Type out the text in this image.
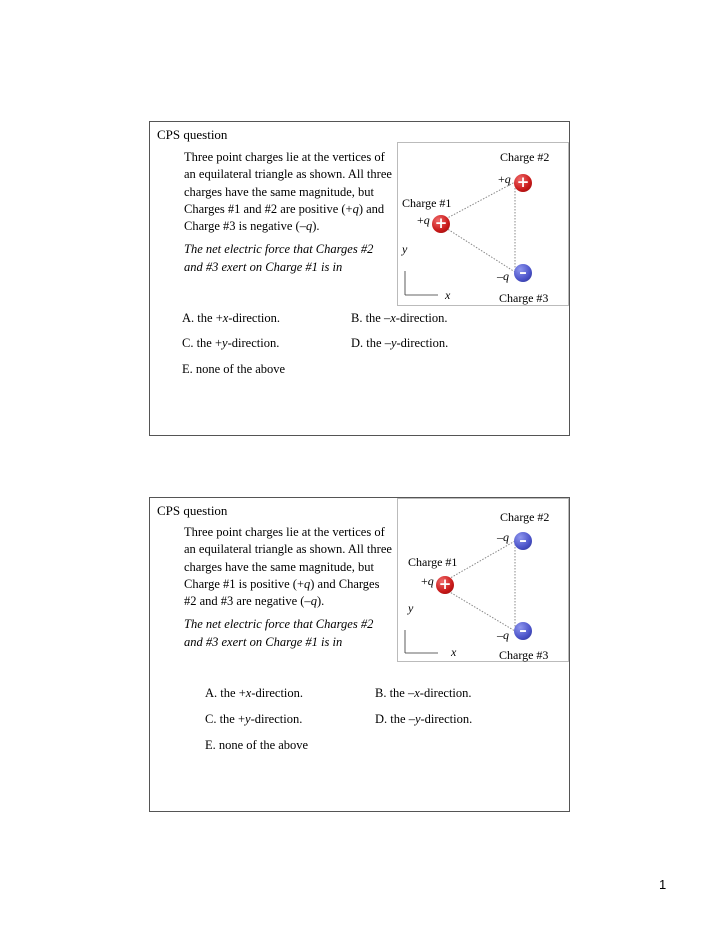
CPS question

Three point charges lie at the vertices of an equilateral triangle as shown. All three charges have the same magnitude, but Charges #1 and #2 are positive (+q) and Charge #3 is negative (–q).

The net electric force that Charges #2 and #3 exert on Charge #1 is in

Charge #2
+q +
Charge #1
+q +
y
–q –
x	Charge #3
A. the +x-direction.	B. the –x-direction.
C. the +y-direction.	D. the –y-direction.
E. none of the above
CPS question

Three point charges lie at the vertices of an equilateral triangle as shown. All three charges have the same magnitude, but Charge #1 is positive (+q) and Charges #2 and #3 are negative (–q).

The net electric force that Charges #2 and #3 exert on Charge #1 is in

Charge #2
–q –
Charge #1
+q +
y
–q –
x	Charge #3
A. the +x-direction.	B. the –x-direction.
C. the +y-direction.	D. the –y-direction.
E. none of the above
1
